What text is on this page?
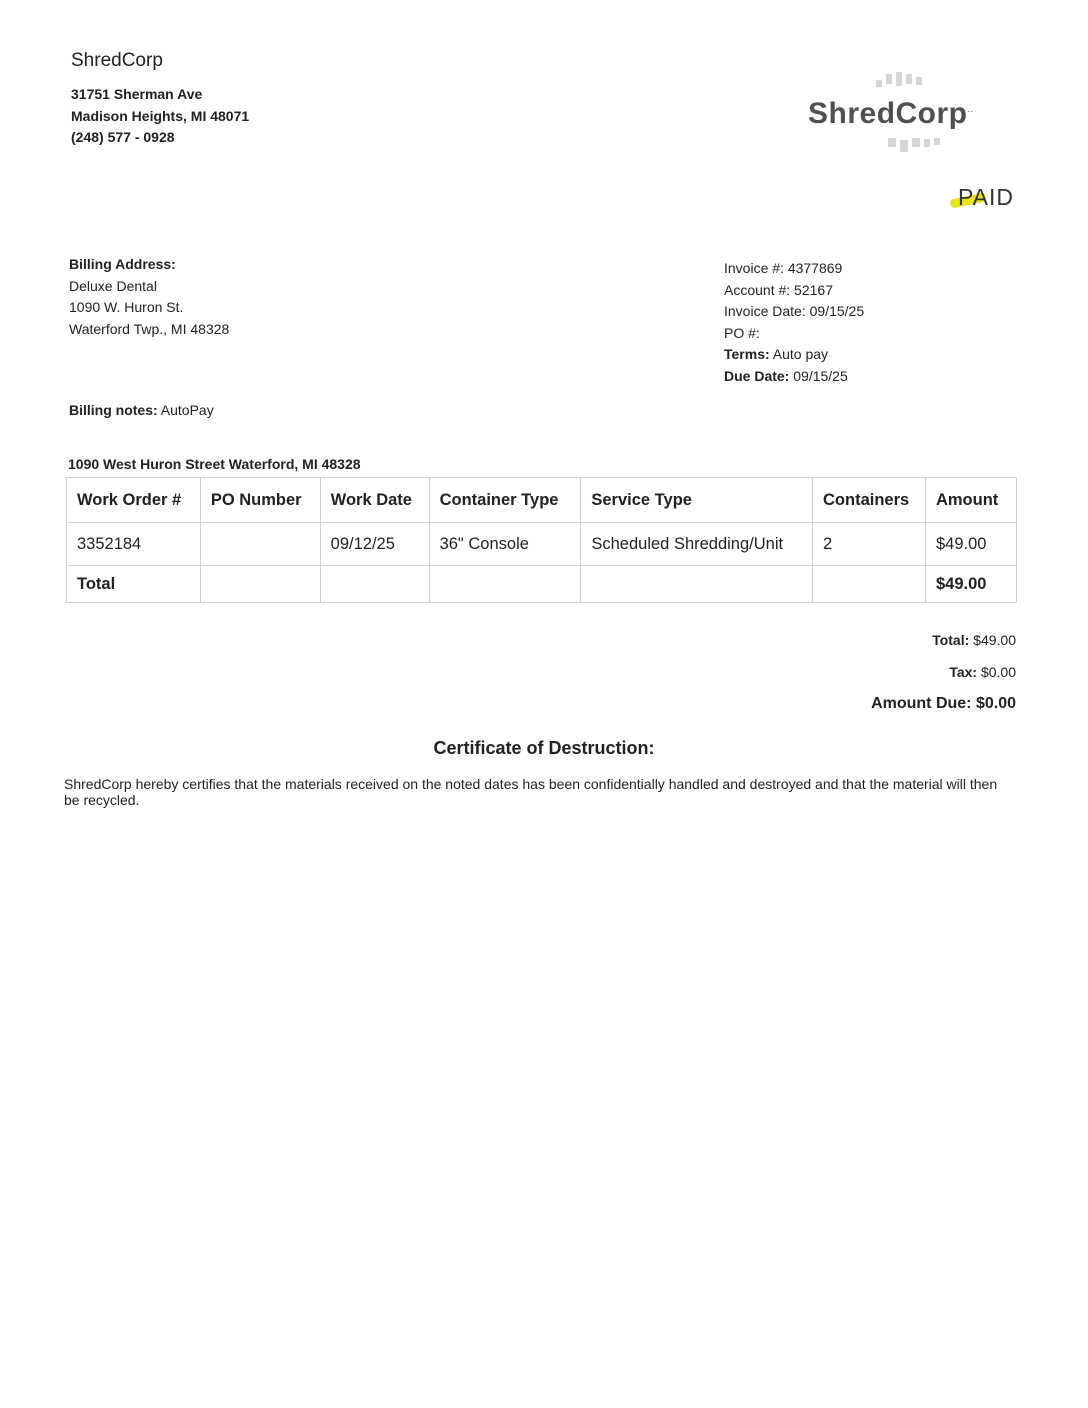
ShredCorp
31751 Sherman Ave
Madison Heights, MI 48071
(248) 577 - 0928
ShredCorp..
PAID
Billing Address:
Deluxe Dental
1090 W. Huron St.
Waterford Twp., MI 48328
Invoice #: 4377869
Account #: 52167
Invoice Date: 09/15/25
PO #:
Terms: Auto pay
Due Date: 09/15/25
Billing notes: AutoPay
1090 West Huron Street Waterford, MI 48328
Work Order #	PO Number	Work Date	Container Type	Service Type	Containers	Amount
3352184		09/12/25	36" Console	Scheduled Shredding/Unit	2	$49.00
Total						$49.00
Total: $49.00
Tax: $0.00
Amount Due: $0.00
Certificate of Destruction:
ShredCorp hereby certifies that the materials received on the noted dates has been confidentially handled and destroyed and that the material will then be recycled.
